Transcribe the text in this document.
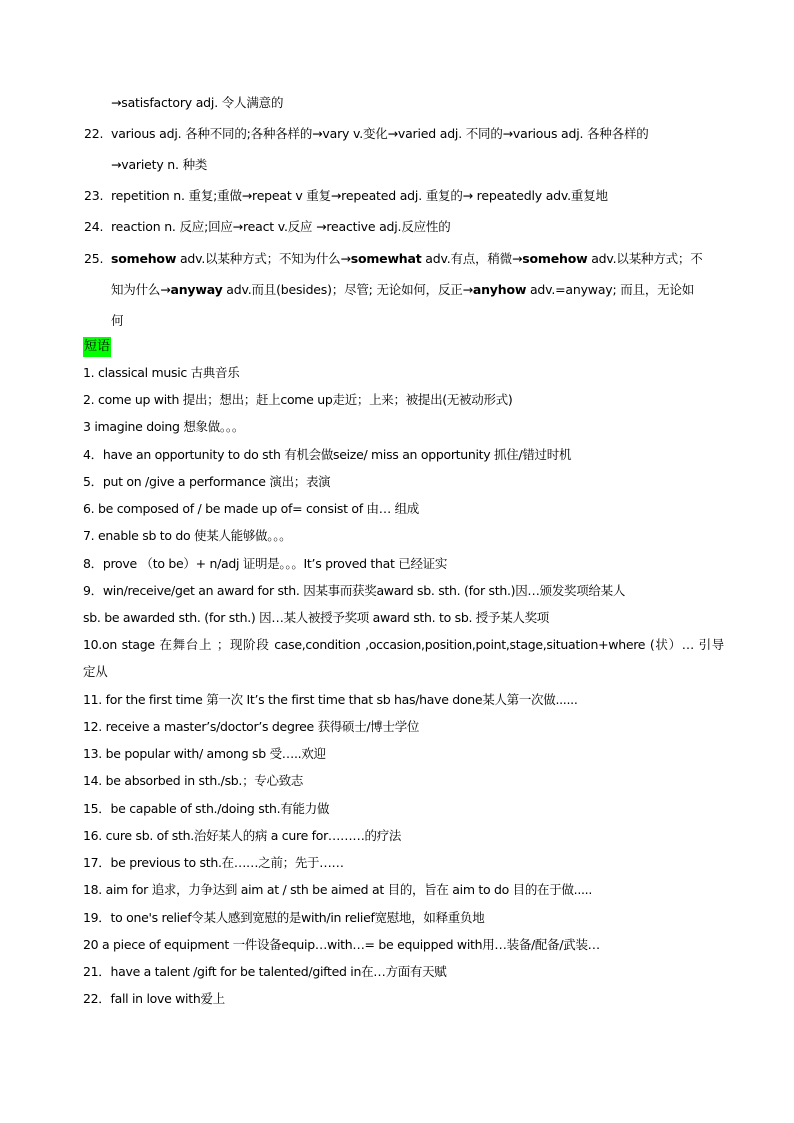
→satisfactory adj. 令人满意的
22. various adj. 各种不同的;各种各样的→vary v.变化→varied adj. 不同的→various adj. 各种各样的
→variety n. 种类
23. repetition n. 重复;重做→repeat v 重复→repeated adj. 重复的→ repeatedly adv.重复地
24. reaction n. 反应;回应→react v.反应 →reactive adj.反应性的
25. somehow adv.以某种方式；不知为什么→somewhat adv.有点，稍微→somehow adv.以某种方式；不
知为什么→anyway adv.而且(besides)；尽管; 无论如何，反正→anyhow adv.=anyway; 而且，无论如
何
短语
1. classical music 古典音乐
2. come up with 提出；想出；赶上come up走近；上来；被提出(无被动形式)
3 imagine doing 想象做。。。
4．have an opportunity to do sth 有机会做seize/ miss an opportunity 抓住/错过时机
5．put on /give a performance 演出；表演
6. be composed of / be made up of= consist of 由… 组成
7. enable sb to do 使某人能够做。。。
8．prove （to be）+ n/adj 证明是。。。It’s proved that 已经证实
9．win/receive/get an award for sth. 因某事而获奖award sb. sth. (for sth.)因…颁发奖项给某人
sb. be awarded sth. (for sth.) 因…某人被授予奖项 award sth. to sb. 授予某人奖项
10.on stage 在舞台上 ；现阶段 case,condition ,occasion,position,point,stage,situation+where (状）… 引导
定从
11. for the first time 第一次 It’s the first time that sb has/have done某人第一次做......
12. receive a master’s/doctor’s degree 获得硕士/博士学位
13. be popular with/ among sb 受…..欢迎
14. be absorbed in sth./sb.；专心致志
15．be capable of sth./doing sth.有能力做
16. cure sb. of sth.治好某人的病 a cure for………的疗法
17．be previous to sth.在……之前；先于……
18. aim for 追求，力争达到 aim at / sth be aimed at 目的，旨在 aim to do 目的在于做.....
19．to one's relief令某人感到宽慰的是with/in relief宽慰地，如释重负地
20 a piece of equipment 一件设备equip…with…= be equipped with用…装备/配备/武装…
21．have a talent /gift for be talented/gifted in在…方面有天赋
22．fall in love with爱上
